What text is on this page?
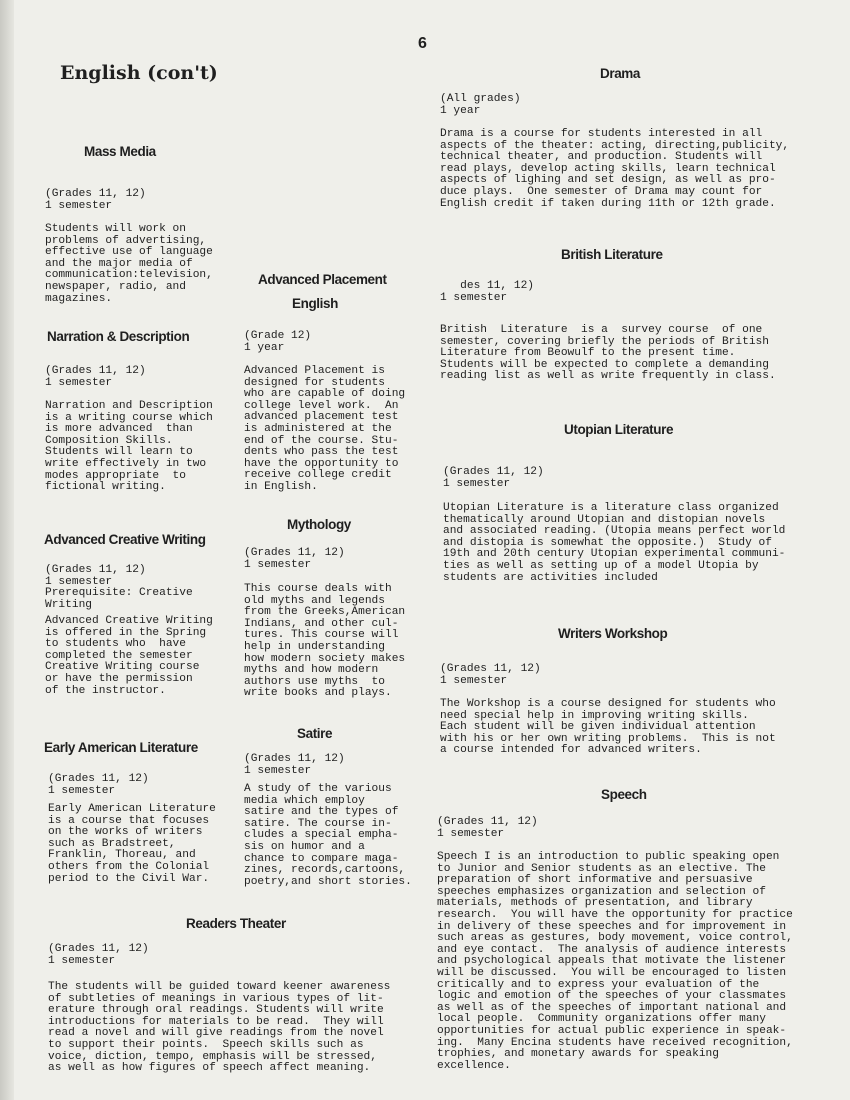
6
English (con't)
Mass Media

(Grades 11, 12)
1 semester

Students will work on
problems of advertising,
effective use of language
and the major media of
communication:television,
newspaper, radio, and
magazines.

Narration & Description

(Grades 11, 12)
1 semester

Narration and Description
is a writing course which
is more advanced  than
Composition Skills.
Students will learn to
write effectively in two
modes appropriate  to
fictional writing.

Advanced Creative Writing

(Grades 11, 12)
1 semester
Prerequisite: Creative
Writing

Advanced Creative Writing
is offered in the Spring
to students who  have
completed the semester
Creative Writing course
or have the permission
of the instructor.

Early American Literature

(Grades 11, 12)
1 semester

Early American Literature
is a course that focuses
on the works of writers
such as Bradstreet,
Franklin, Thoreau, and
others from the Colonial
period to the Civil War.

Readers Theater

(Grades 11, 12)
1 semester

The students will be guided toward keener awareness
of subtleties of meanings in various types of lit-
erature through oral readings. Students will write
introductions for materials to be read.  They will
read a novel and will give readings from the novel
to support their points.  Speech skills such as
voice, diction, tempo, emphasis will be stressed,
as well as how figures of speech affect meaning.

Advanced Placement
English

(Grade 12)
1 year

Advanced Placement is
designed for students
who are capable of doing
college level work.  An
advanced placement test
is administered at the
end of the course. Stu-
dents who pass the test
have the opportunity to
receive college credit
in English.

Mythology

(Grades 11, 12)
1 semester

This course deals with
old myths and legends
from the Greeks,American
Indians, and other cul-
tures. This course will
help in understanding
how modern society makes
myths and how modern
authors use myths  to
write books and plays.

Satire

(Grades 11, 12)
1 semester

A study of the various
media which employ
satire and the types of
satire. The course in-
cludes a special empha-
sis on humor and a
chance to compare maga-
zines, records,cartoons,
poetry,and short stories.

Drama

(All grades)
1 year

Drama is a course for students interested in all
aspects of the theater: acting, directing,publicity,
technical theater, and production. Students will
read plays, develop acting skills, learn technical
aspects of lighing and set design, as well as pro-
duce plays.  One semester of Drama may count for
English credit if taken during 11th or 12th grade.

British Literature

des 11, 12)
1 semester

British  Literature  is a  survey course  of one
semester, covering briefly the periods of British
Literature from Beowulf to the present time.
Students will be expected to complete a demanding
reading list as well as write frequently in class.

Utopian Literature

(Grades 11, 12)
1 semester

Utopian Literature is a literature class organized
thematically around Utopian and distopian novels
and associated reading. (Utopia means perfect world
and distopia is somewhat the opposite.)  Study of
19th and 20th century Utopian experimental communi-
ties as well as setting up of a model Utopia by
students are activities included

Writers Workshop

(Grades 11, 12)
1 semester

The Workshop is a course designed for students who
need special help in improving writing skills.
Each student will be given individual attention
with his or her own writing problems.  This is not
a course intended for advanced writers.

Speech

(Grades 11, 12)
1 semester

Speech I is an introduction to public speaking open
to Junior and Senior students as an elective. The
preparation of short informative and persuasive
speeches emphasizes organization and selection of
materials, methods of presentation, and library
research.  You will have the opportunity for practice
in delivery of these speeches and for improvement in
such areas as gestures, body movement, voice control,
and eye contact.  The analysis of audience interests
and psychological appeals that motivate the listener
will be discussed.  You will be encouraged to listen
critically and to express your evaluation of the
logic and emotion of the speeches of your classmates
as well as of the speeches of important national and
local people.  Community organizations offer many
opportunities for actual public experience in speak-
ing.  Many Encina students have received recognition,
trophies, and monetary awards for speaking
excellence.
